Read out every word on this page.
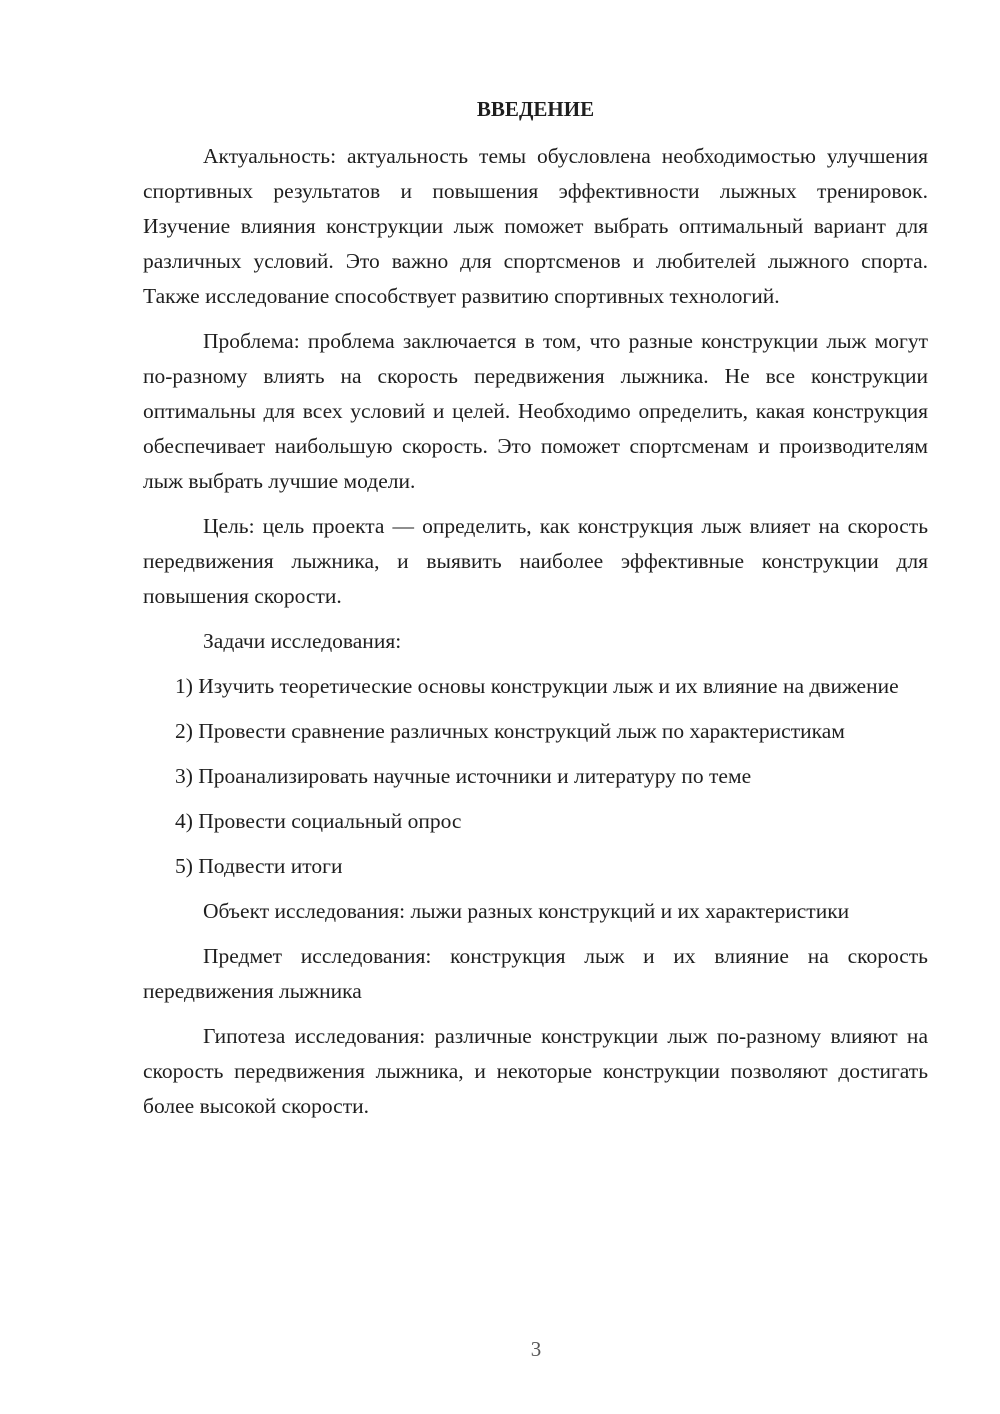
ВВЕДЕНИЕ

Актуальность: актуальность темы обусловлена необходимостью улучшения спортивных результатов и повышения эффективности лыжных тренировок. Изучение влияния конструкции лыж поможет выбрать оптимальный вариант для различных условий. Это важно для спортсменов и любителей лыжного спорта. Также исследование способствует развитию спортивных технологий.

Проблема: проблема заключается в том, что разные конструкции лыж могут по-разному влиять на скорость передвижения лыжника. Не все конструкции оптимальны для всех условий и целей. Необходимо определить, какая конструкция обеспечивает наибольшую скорость. Это поможет спортсменам и производителям лыж выбрать лучшие модели.

Цель: цель проекта — определить, как конструкция лыж влияет на скорость передвижения лыжника, и выявить наиболее эффективные конструкции для повышения скорости.

Задачи исследования:

1) Изучить теоретические основы конструкции лыж и их влияние на движение

2) Провести сравнение различных конструкций лыж по характеристикам

3) Проанализировать научные источники и литературу по теме

4) Провести социальный опрос

5) Подвести итоги

Объект исследования: лыжи разных конструкций и их характеристики

Предмет исследования: конструкция лыж и их влияние на скорость передвижения лыжника

Гипотеза исследования: различные конструкции лыж по-разному влияют на скорость передвижения лыжника, и некоторые конструкции позволяют достигать более высокой скорости.

3
